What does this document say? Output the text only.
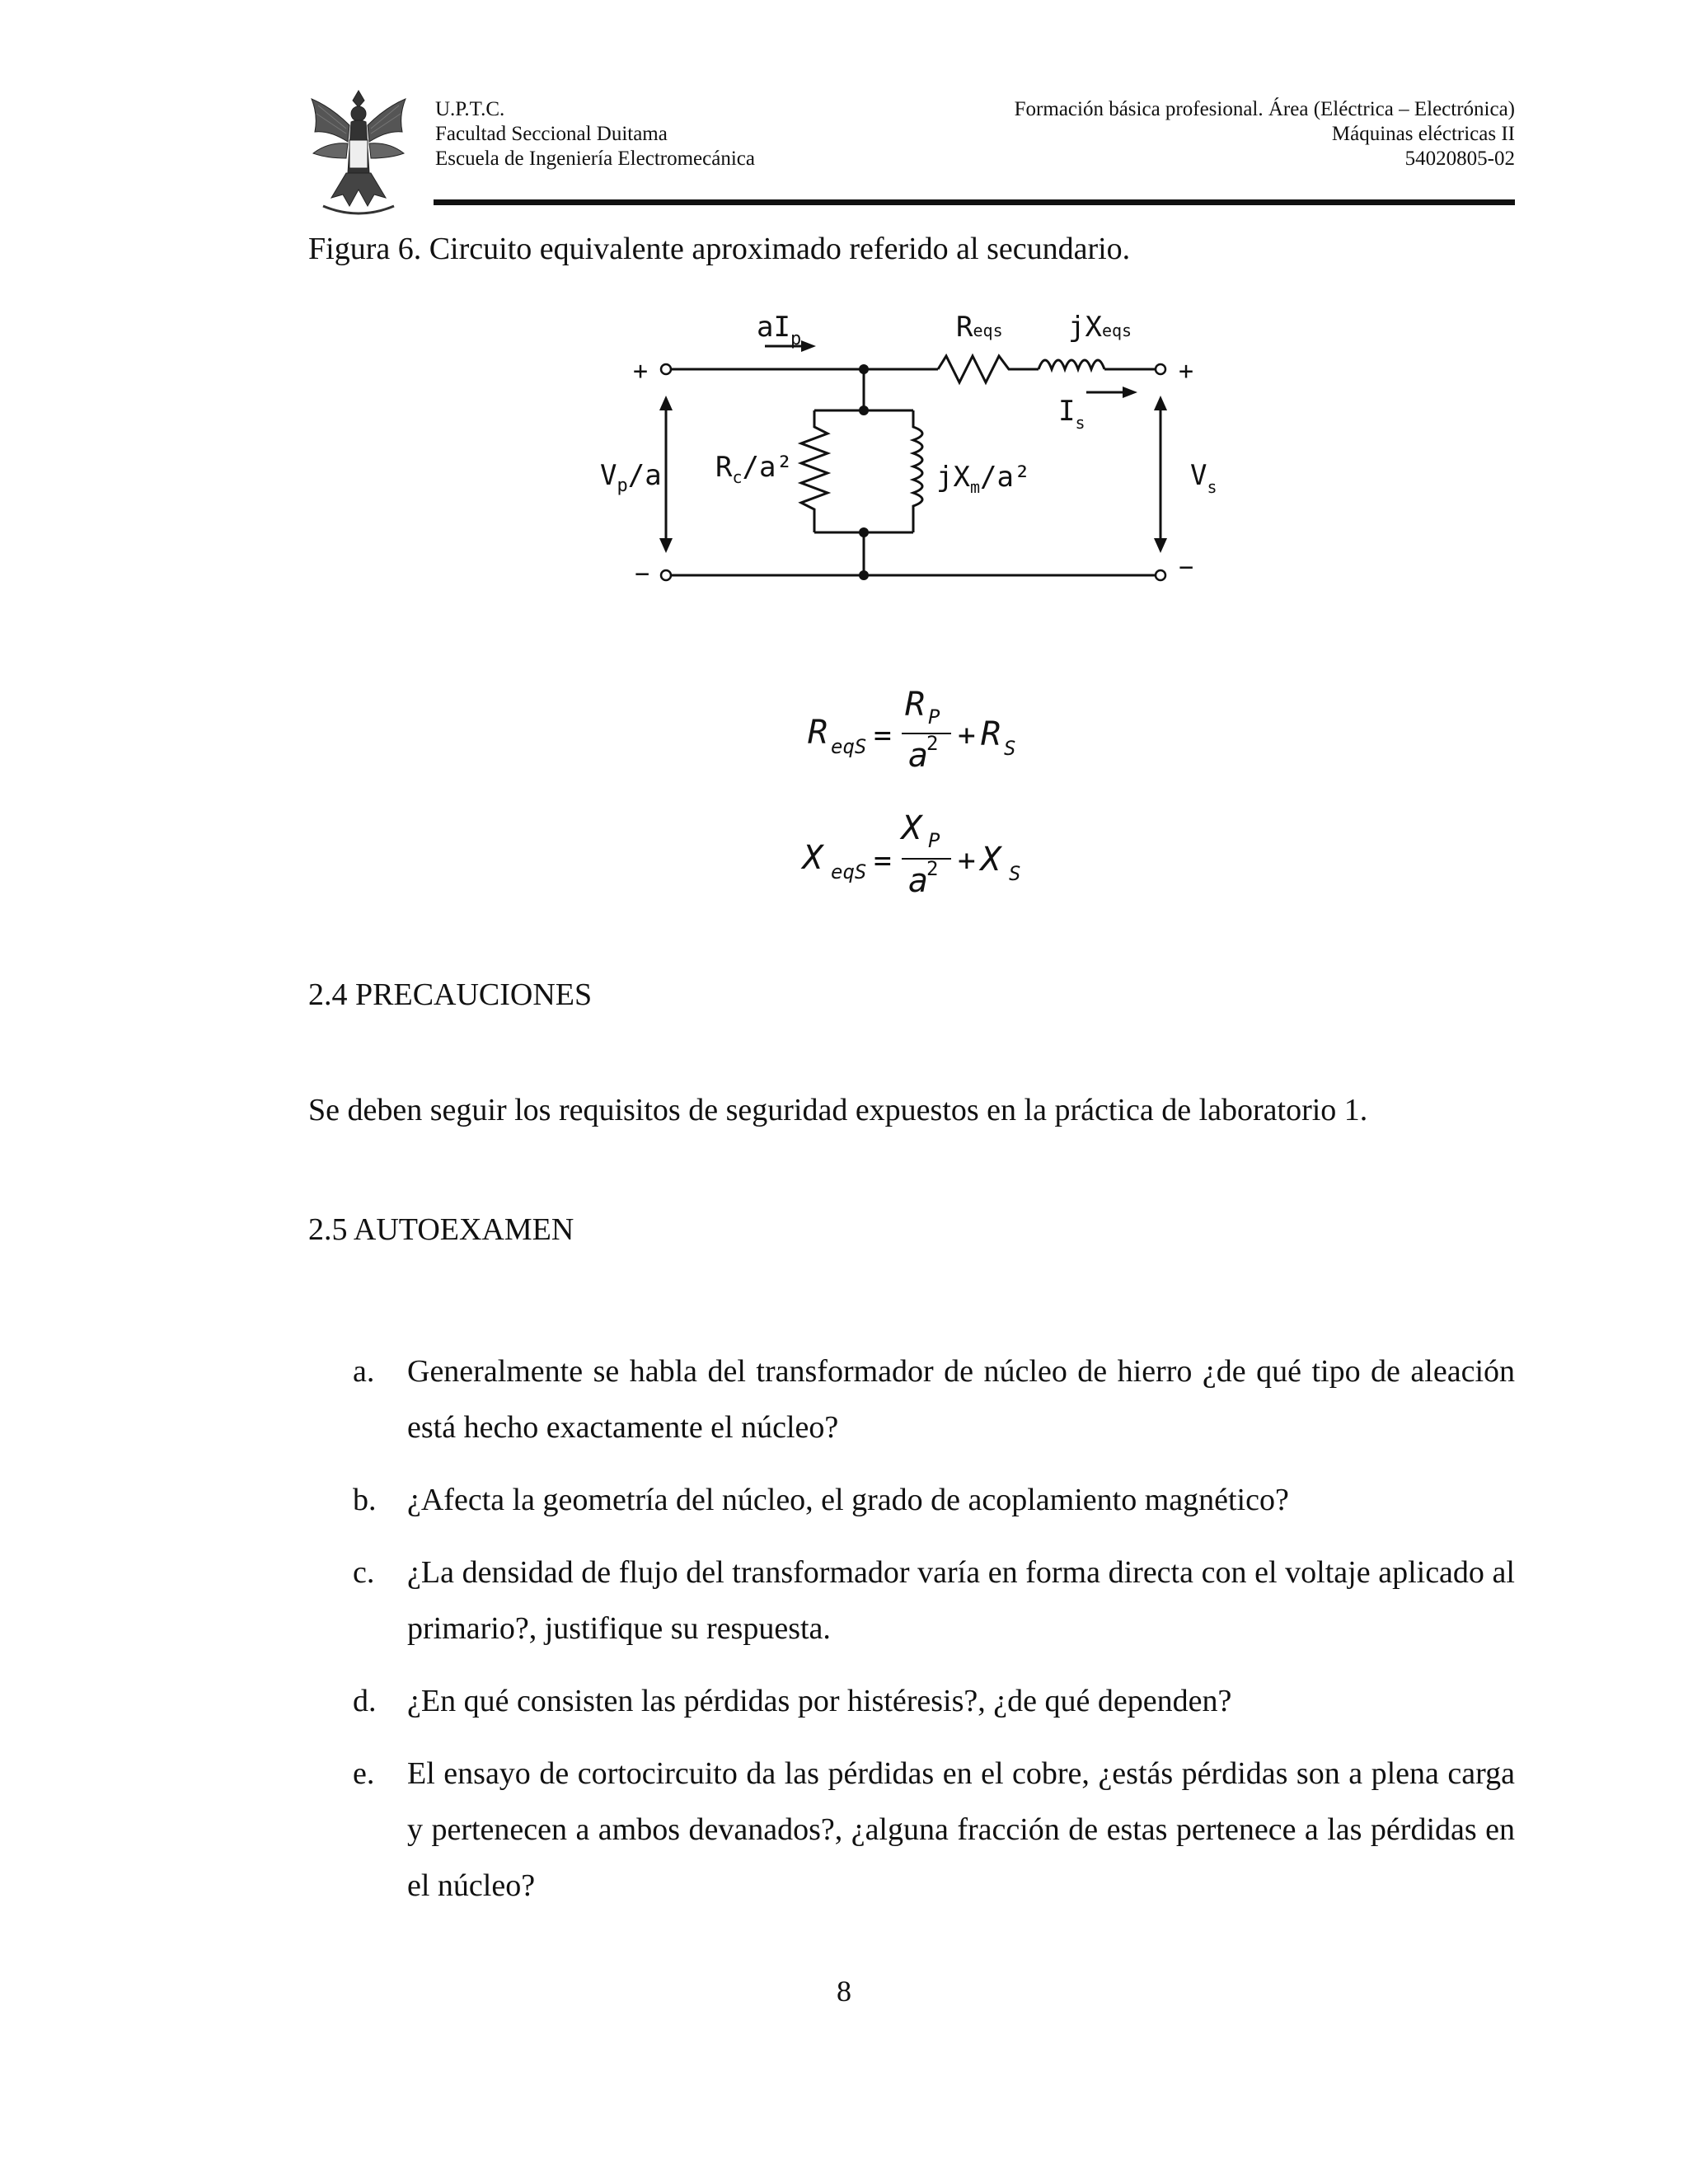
U.P.T.C.
Facultad Seccional Duitama
Escuela de Ingeniería Electromecánica
Formación básica profesional. Área (Eléctrica – Electrónica)
Máquinas eléctricas II
54020805-02
Figura 6. Circuito equivalente aproximado referido al secundario.
+
−
+
−
$aI_p$	Reqs jXeqs
$I_s$
$V_p/a$ $R_c/a^2$	$jX_m/a^2$	$V_s$
R eqS =
R P
a
2 + R S
X eqS =
X P
a
2 + X S
2.4 PRECAUCIONES
Se deben seguir los requisitos de seguridad expuestos en la práctica de laboratorio 1.
2.5 AUTOEXAMEN
a.	Generalmente se habla del transformador de núcleo de hierro ¿de qué tipo de aleación está hecho exactamente el núcleo?
b. ¿Afecta la geometría del núcleo, el grado de acoplamiento magnético?
c.	¿La densidad de flujo del transformador varía en forma directa con el voltaje aplicado al primario?, justifique su respuesta.
d. ¿En qué consisten las pérdidas por histéresis?, ¿de qué dependen?
e.	El ensayo de cortocircuito da las pérdidas en el cobre, ¿estás pérdidas son a plena carga y pertenecen a ambos devanados?, ¿alguna fracción de estas pertenece a las pérdidas en el núcleo?
8
